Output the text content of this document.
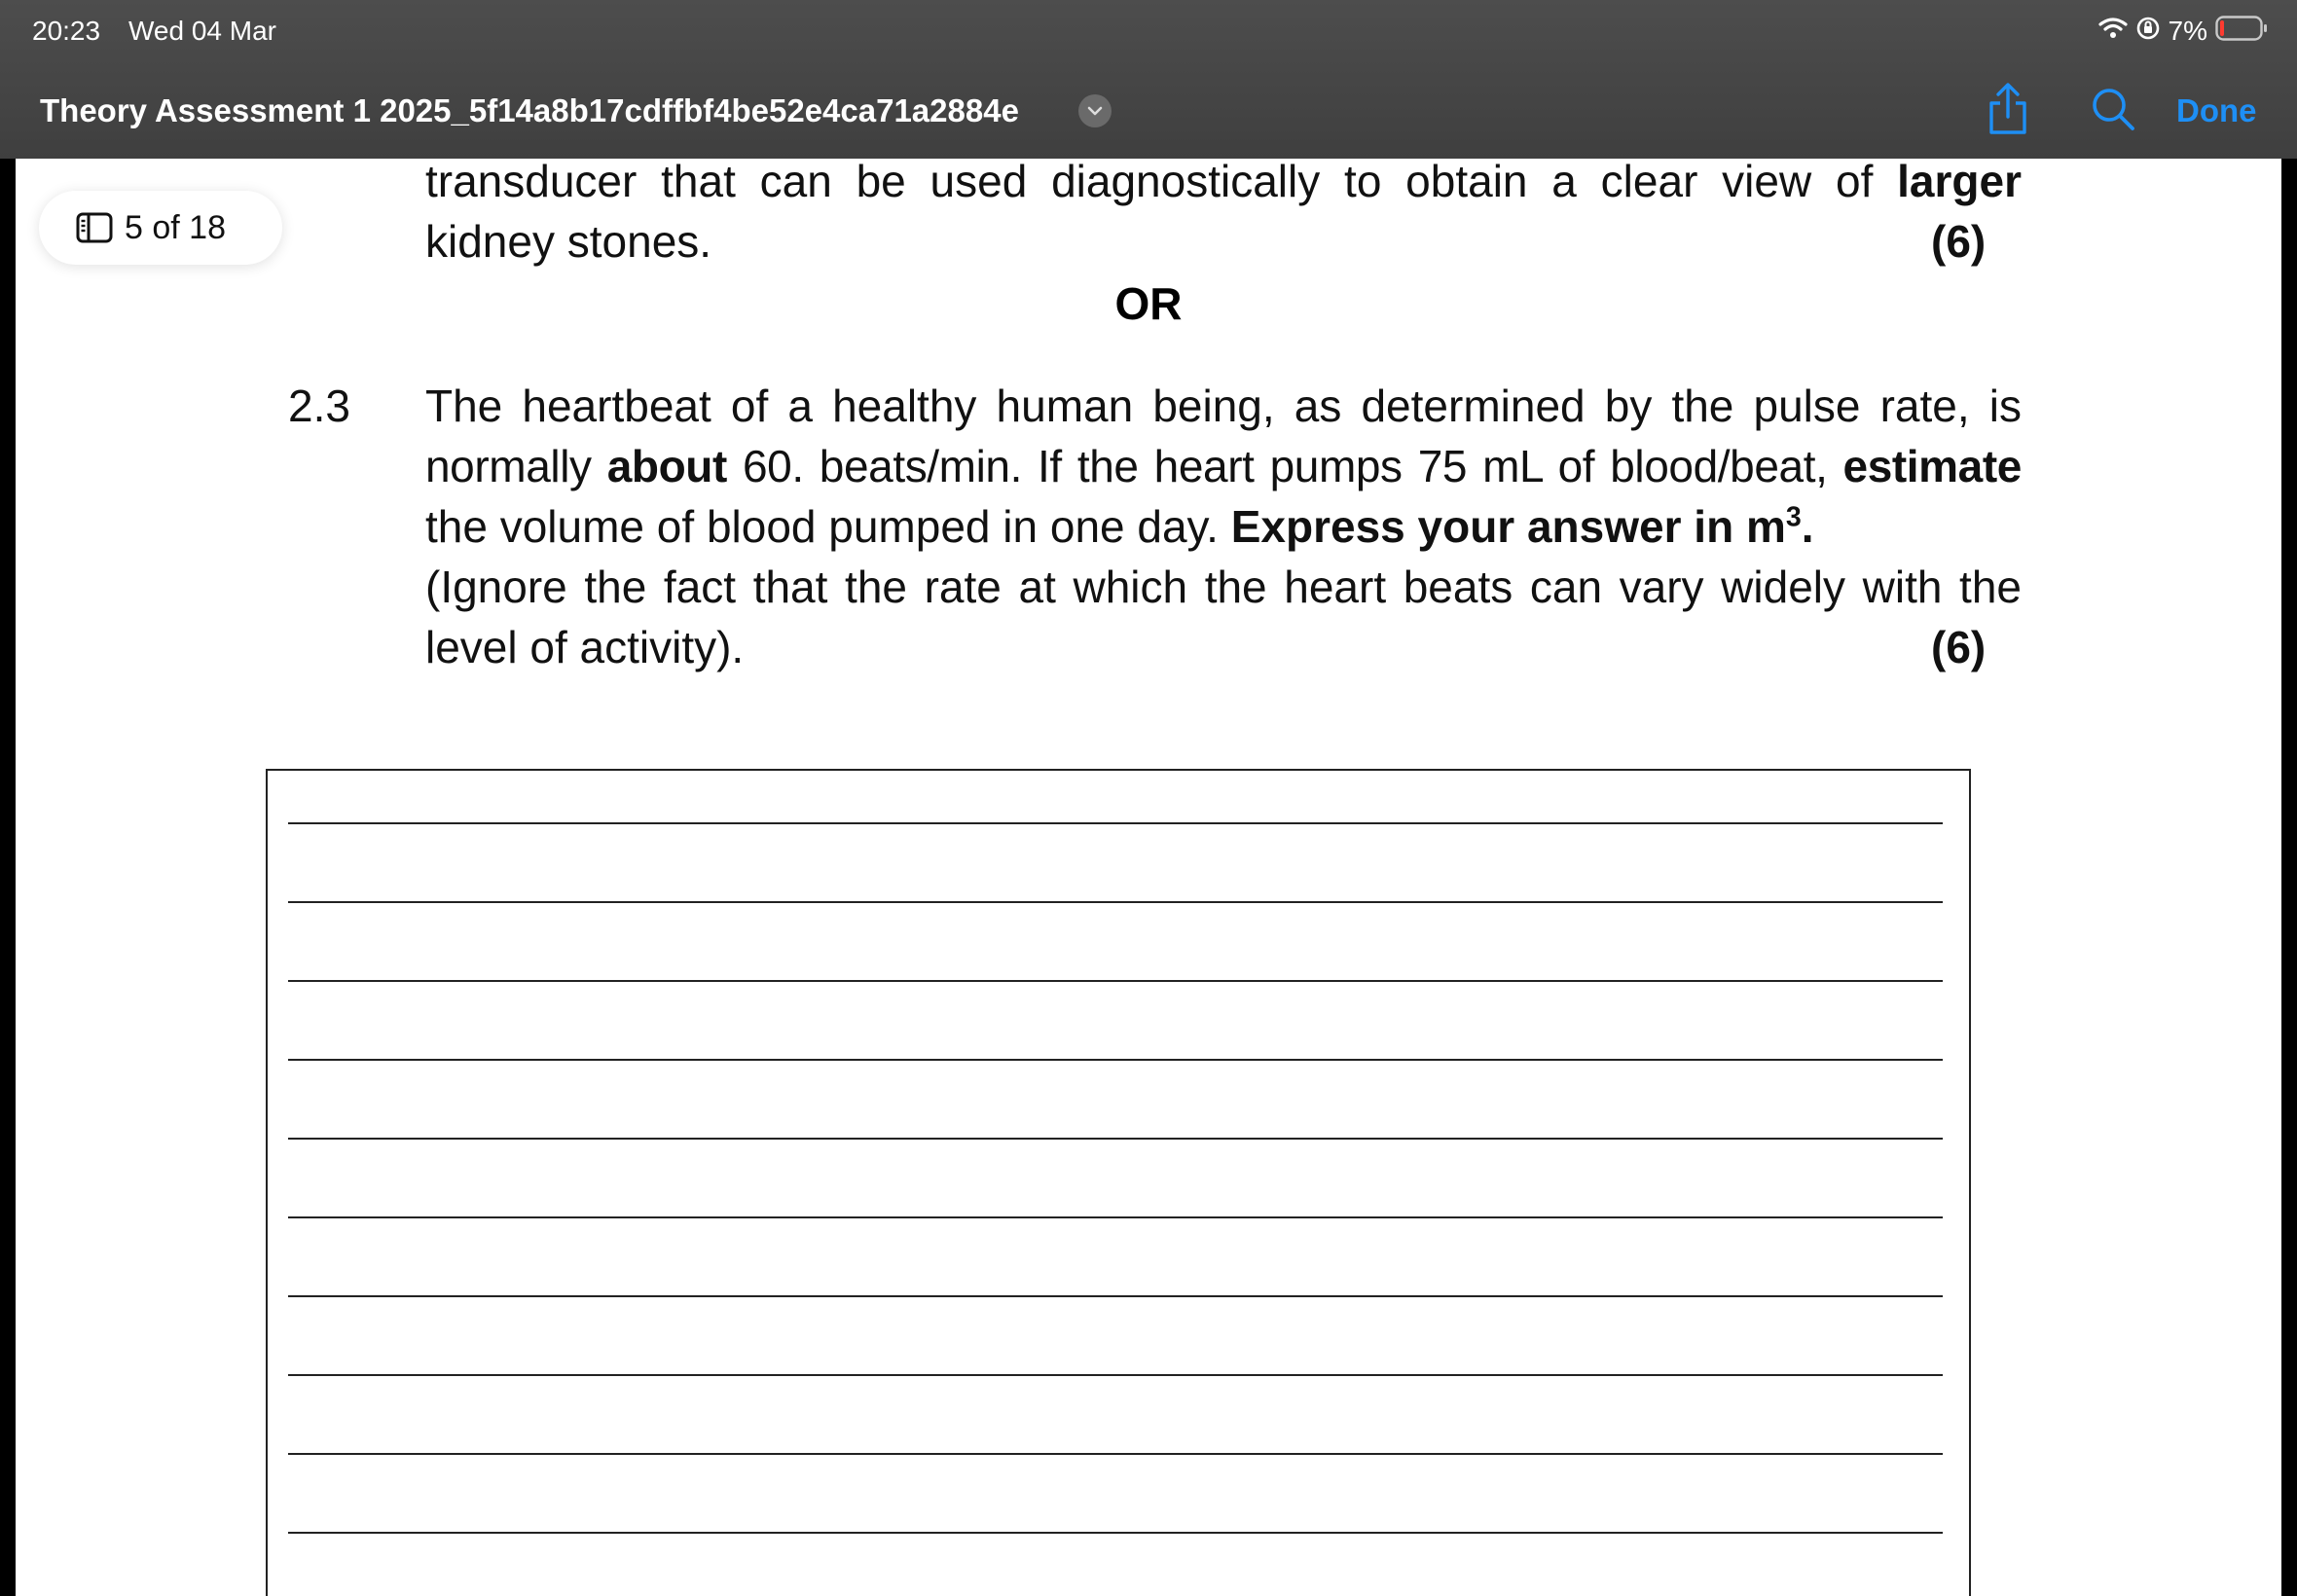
20:23 Wed 04 Mar	7%
Theory Assessment 1 2025_5f14a8b17cdffbf4be52e4ca71a2884e	Done
5 of 18
transducer that can be used diagnostically to obtain a clear view of larger
kidney stones.	(6)
OR
2.3 The heartbeat of a healthy human being, as determined by the pulse rate, is
normally about 60. beats/min. If the heart pumps 75 mL of blood/beat, estimate
the volume of blood pumped in one day. Express your answer in $m^3$.
(Ignore the fact that the rate at which the heart beats can vary widely with the
level of activity).	(6)
